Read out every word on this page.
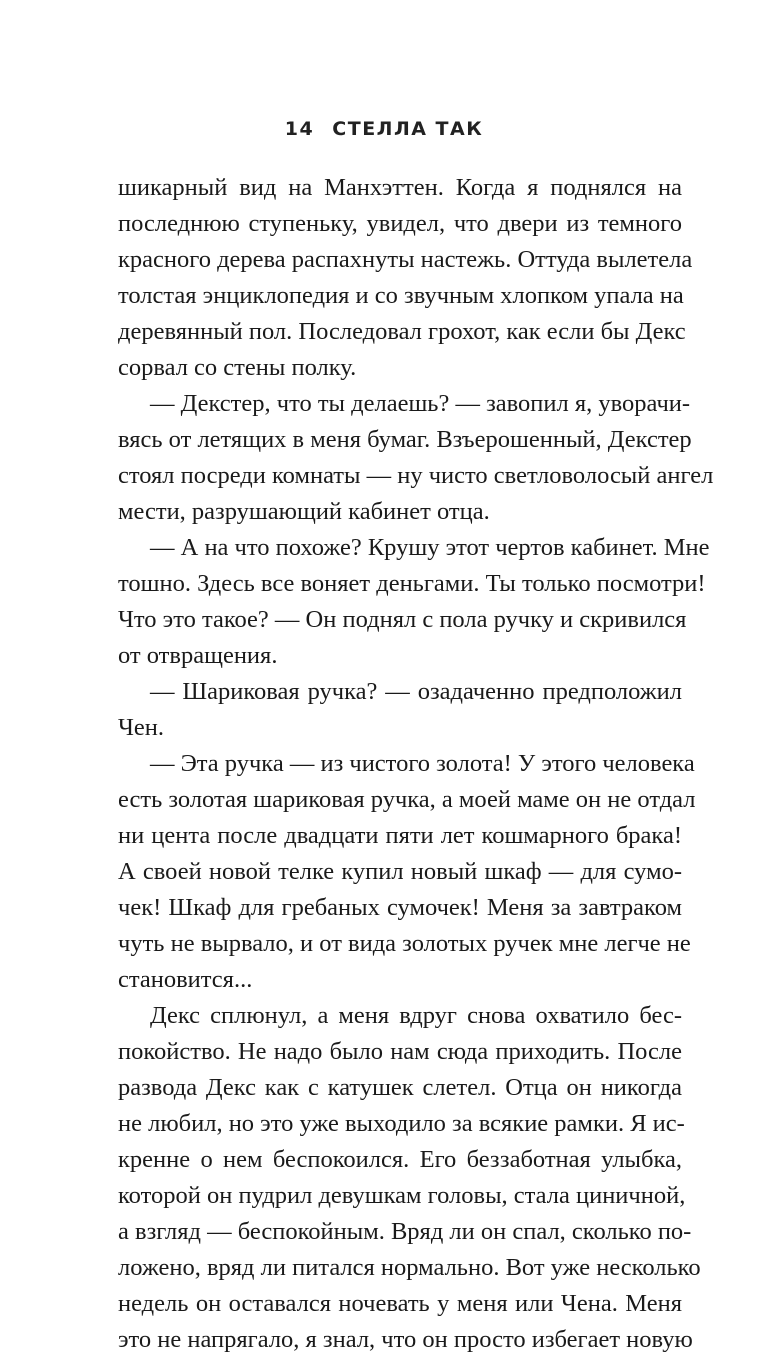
14 СТЕЛЛА ТАК
шикарный вид на Манхэттен. Когда я поднялся на
последнюю ступеньку, увидел, что двери из темного
красного дерева распахнуты настежь. Оттуда вылетела
толстая энциклопедия и со звучным хлопком упала на
деревянный пол. Последовал грохот, как если бы Декс
сорвал со стены полку.
— Декстер, что ты делаешь? — завопил я, уворачи-
вясь от летящих в меня бумаг. Взъерошенный, Декстер
стоял посреди комнаты — ну чисто светловолосый ангел
мести, разрушающий кабинет отца.
— А на что похоже? Крушу этот чертов кабинет. Мне
тошно. Здесь все воняет деньгами. Ты только посмотри!
Что это такое? — Он поднял с пола ручку и скривился
от отвращения.
— Шариковая ручка? — озадаченно предположил
Чен.
— Эта ручка — из чистого золота! У этого человека
есть золотая шариковая ручка, а моей маме он не отдал
ни цента после двадцати пяти лет кошмарного брака!
А своей новой телке купил новый шкаф — для сумо-
чек! Шкаф для гребаных сумочек! Меня за завтраком
чуть не вырвало, и от вида золотых ручек мне легче не
становится...
Декс сплюнул, а меня вдруг снова охватило бес-
покойство. Не надо было нам сюда приходить. После
развода Декс как с катушек слетел. Отца он никогда
не любил, но это уже выходило за всякие рамки. Я ис-
кренне о нем беспокоился. Его беззаботная улыбка,
которой он пудрил девушкам головы, стала циничной,
а взгляд — беспокойным. Вряд ли он спал, сколько по-
ложено, вряд ли питался нормально. Вот уже несколько
недель он оставался ночевать у меня или Чена. Меня
это не напрягало, я знал, что он просто избегает новую
